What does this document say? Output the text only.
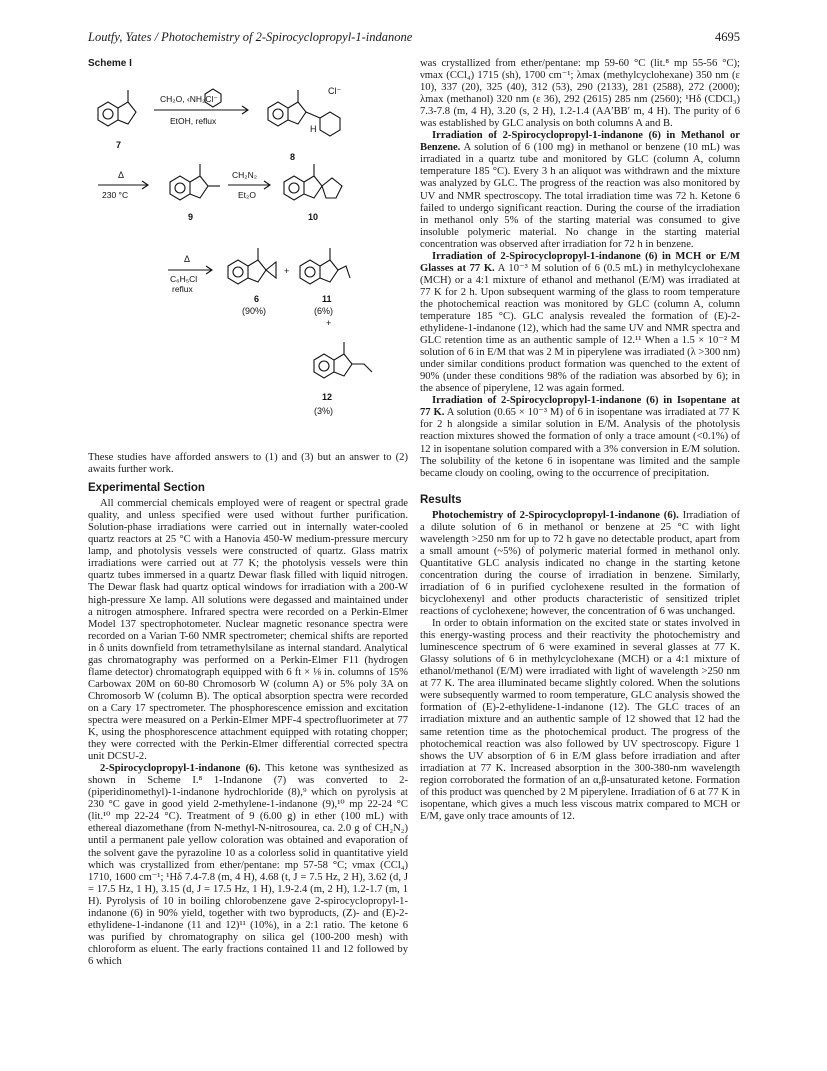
Loutfy, Yates / Photochemistry of 2-Spirocyclopropyl-1-indanone	4695
Scheme I
CH₂O, ‹NH₂Cl⁻
EtOH, reflux
Cl⁻
H
7
8
Δ
230 °C
9
CH₂N₂
Et₂O
10
Δ
C₆H₅Cl
reflux
6
(90%)
+
11
(6%)
+
12
(3%)

These studies have afforded answers to (1) and (3) but an answer to (2) awaits further work.

Experimental Section

All commercial chemicals employed were of reagent or spectral grade quality, and unless specified were used without further purification. Solution-phase irradiations were carried out in internally water-cooled quartz reactors at 25 °C with a Hanovia 450-W medium-pressure mercury lamp, and photolysis vessels were constructed of quartz. Glass matrix irradiations were carried out at 77 K; the photolysis vessels were thin quartz tubes immersed in a quartz Dewar flask filled with liquid nitrogen. The Dewar flask had quartz optical windows for irradiation with a 200-W high-pressure Xe lamp. All solutions were degassed and maintained under a nitrogen atmosphere. Infrared spectra were recorded on a Perkin-Elmer Model 137 spectrophotometer. Nuclear magnetic resonance spectra were recorded on a Varian T-60 NMR spectrometer; chemical shifts are reported in δ units downfield from tetramethylsilane as internal standard. Analytical gas chromatography was performed on a Perkin-Elmer F11 (hydrogen flame detector) chromatograph equipped with 6 ft × ⅛ in. columns of 15% Carbowax 20M on 60-80 Chromosorb W (column A) or 5% poly 3A on Chromosorb W (column B). The optical absorption spectra were recorded on a Cary 17 spectrometer. The phosphorescence emission and excitation spectra were measured on a Perkin-Elmer MPF-4 spectrofluorimeter at 77 K, using the phosphorescence attachment equipped with rotating chopper; they were corrected with the Perkin-Elmer differential corrected spectra unit DCSU-2.

2-Spirocyclopropyl-1-indanone (6). This ketone was synthesized as shown in Scheme I.⁸ 1-Indanone (7) was converted to 2-(piperidinomethyl)-1-indanone hydrochloride (8),⁹ which on pyrolysis at 230 °C gave in good yield 2-methylene-1-indanone (9),¹⁰ mp 22-24 °C (lit.¹⁰ mp 22-24 °C). Treatment of 9 (6.00 g) in ether (100 mL) with ethereal diazomethane (from N-methyl-N-nitrosourea, ca. 2.0 g of CH₂N₂) until a permanent pale yellow coloration was obtained and evaporation of the solvent gave the pyrazoline 10 as a colorless solid in quantitative yield which was crystallized from ether/pentane: mp 57-58 °C; νmax (CCl₄) 1710, 1600 cm⁻¹; ¹Hδ 7.4-7.8 (m, 4 H), 4.68 (t, J = 7.5 Hz, 2 H), 3.62 (d, J = 17.5 Hz, 1 H), 3.15 (d, J = 17.5 Hz, 1 H), 1.9-2.4 (m, 2 H), 1.2-1.7 (m, 1 H). Pyrolysis of 10 in boiling chlorobenzene gave 2-spirocyclopropyl-1-indanone (6) in 90% yield, together with two byproducts, (Z)- and (E)-2-ethylidene-1-indanone (11 and 12)¹¹ (10%), in a 2:1 ratio. The ketone 6 was purified by chromatography on silica gel (100-200 mesh) with chloroform as eluent. The early fractions contained 11 and 12 followed by 6 which

was crystallized from ether/pentane: mp 59-60 °C (lit.⁸ mp 55-56 °C); νmax (CCl₄) 1715 (sh), 1700 cm⁻¹; λmax (methylcyclohexane) 350 nm (ε 10), 337 (20), 325 (40), 312 (53), 290 (2133), 281 (2588), 272 (2000); λmax (methanol) 320 nm (ε 36), 292 (2615) 285 nm (2560); ¹Hδ (CDCl₃) 7.3-7.8 (m, 4 H), 3.20 (s, 2 H), 1.2-1.4 (AA′BB′ m, 4 H). The purity of 6 was established by GLC analysis on both columns A and B.

Irradiation of 2-Spirocyclopropyl-1-indanone (6) in Methanol or Benzene. A solution of 6 (100 mg) in methanol or benzene (10 mL) was irradiated in a quartz tube and monitored by GLC (column A, column temperature 185 °C). Every 3 h an aliquot was withdrawn and the mixture was analyzed by GLC. The progress of the reaction was also monitored by UV and NMR spectroscopy. The total irradiation time was 72 h. Ketone 6 failed to undergo significant reaction. During the course of the irradiation in methanol only 5% of the starting material was consumed to give insoluble polymeric material. No change in the starting material concentration was observed after irradiation for 72 h in benzene.

Irradiation of 2-Spirocyclopropyl-1-indanone (6) in MCH or E/M Glasses at 77 K. A 10⁻³ M solution of 6 (0.5 mL) in methylcyclohexane (MCH) or a 4:1 mixture of ethanol and methanol (E/M) was irradiated at 77 K for 2 h. Upon subsequent warming of the glass to room temperature the photochemical reaction was monitored by GLC (column A, column temperature 185 °C). GLC analysis revealed the formation of (E)-2-ethylidene-1-indanone (12), which had the same UV and NMR spectra and GLC retention time as an authentic sample of 12.¹¹ When a 1.5 × 10⁻² M solution of 6 in E/M that was 2 M in piperylene was irradiated (λ >300 nm) under similar conditions product formation was quenched to the extent of 90% (under these conditions 98% of the radiation was absorbed by 6); in the absence of piperylene, 12 was again formed.

Irradiation of 2-Spirocyclopropyl-1-indanone (6) in Isopentane at 77 K. A solution (0.65 × 10⁻³ M) of 6 in isopentane was irradiated at 77 K for 2 h alongside a similar solution in E/M. Analysis of the photolysis reaction mixtures showed the formation of only a trace amount (<0.1%) of 12 in isopentane solution compared with a 3% conversion in E/M solution. The solubility of the ketone 6 in isopentane was limited and the sample became cloudy on cooling, owing to the occurrence of precipitation.

Results

Photochemistry of 2-Spirocyclopropyl-1-indanone (6). Irradiation of a dilute solution of 6 in methanol or benzene at 25 °C with light wavelength >250 nm for up to 72 h gave no detectable product, apart from a small amount (~5%) of polymeric material formed in methanol only. Quantitative GLC analysis indicated no change in the starting ketone concentration during the course of irradiation in benzene. Similarly, irradiation of 6 in purified cyclohexene resulted in the formation of bicyclohexenyl and other products characteristic of sensitized triplet reactions of cyclohexene; however, the concentration of 6 was unchanged.

In order to obtain information on the excited state or states involved in this energy-wasting process and their reactivity the photochemistry and luminescence spectrum of 6 were examined in several glasses at 77 K. Glassy solutions of 6 in methylcyclohexane (MCH) or a 4:1 mixture of ethanol/methanol (E/M) were irradiated with light of wavelength >250 nm at 77 K. The area illuminated became slightly colored. When the solutions were subsequently warmed to room temperature, GLC analysis showed the formation of (E)-2-ethylidene-1-indanone (12). The GLC traces of an irradiation mixture and an authentic sample of 12 showed that 12 had the same retention time as the photochemical product. The progress of the photochemical reaction was also followed by UV spectroscopy. Figure 1 shows the UV absorption of 6 in E/M glass before irradiation and after irradiation at 77 K. Increased absorption in the 300-380-nm wavelength region corroborated the formation of an α,β-unsaturated ketone. Formation of this product was quenched by 2 M piperylene. Irradiation of 6 at 77 K in isopentane, which gives a much less viscous matrix compared to MCH or E/M, gave only trace amounts of 12.
